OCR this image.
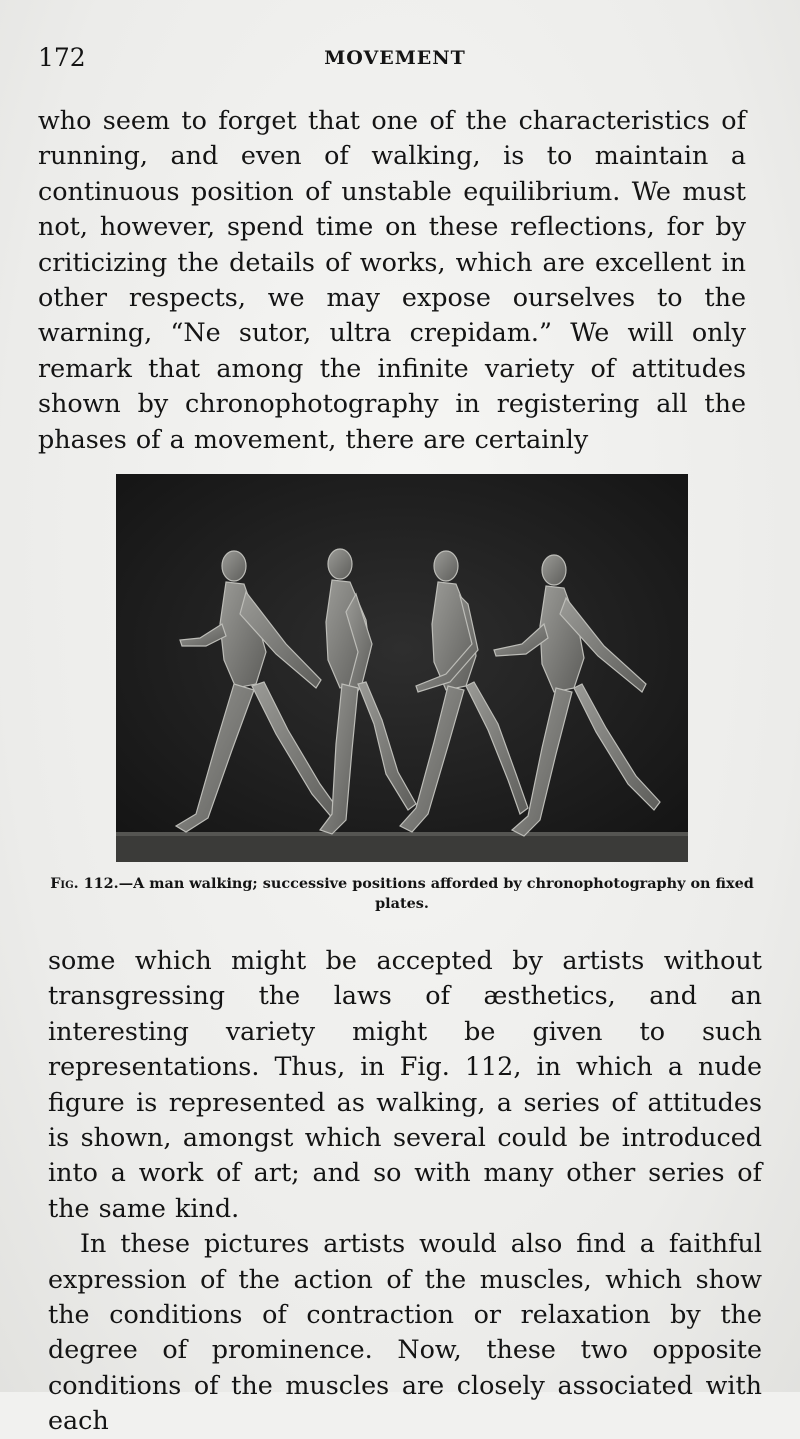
172	MOVEMENT

who seem to forget that one of the characteristics of running, and even of walking, is to maintain a continuous position of unstable equilibrium. We must not, however, spend time on these reflections, for by criticizing the details of works, which are excellent in other respects, we may expose ourselves to the warning, “Ne sutor, ultra crepidam.” We will only remark that among the infinite variety of attitudes shown by chronophotography in registering all the phases of a movement, there are certainly

Fig. 112.—A man walking; successive positions afforded by chronophotography on fixed plates.

some which might be accepted by artists without transgressing the laws of æsthetics, and an interesting variety might be given to such representations. Thus, in Fig. 112, in which a nude figure is represented as walking, a series of attitudes is shown, amongst which several could be introduced into a work of art; and so with many other series of the same kind.

In these pictures artists would also find a faithful expression of the action of the muscles, which show the conditions of contraction or relaxation by the degree of prominence. Now, these two opposite conditions of the muscles are closely associated with each
